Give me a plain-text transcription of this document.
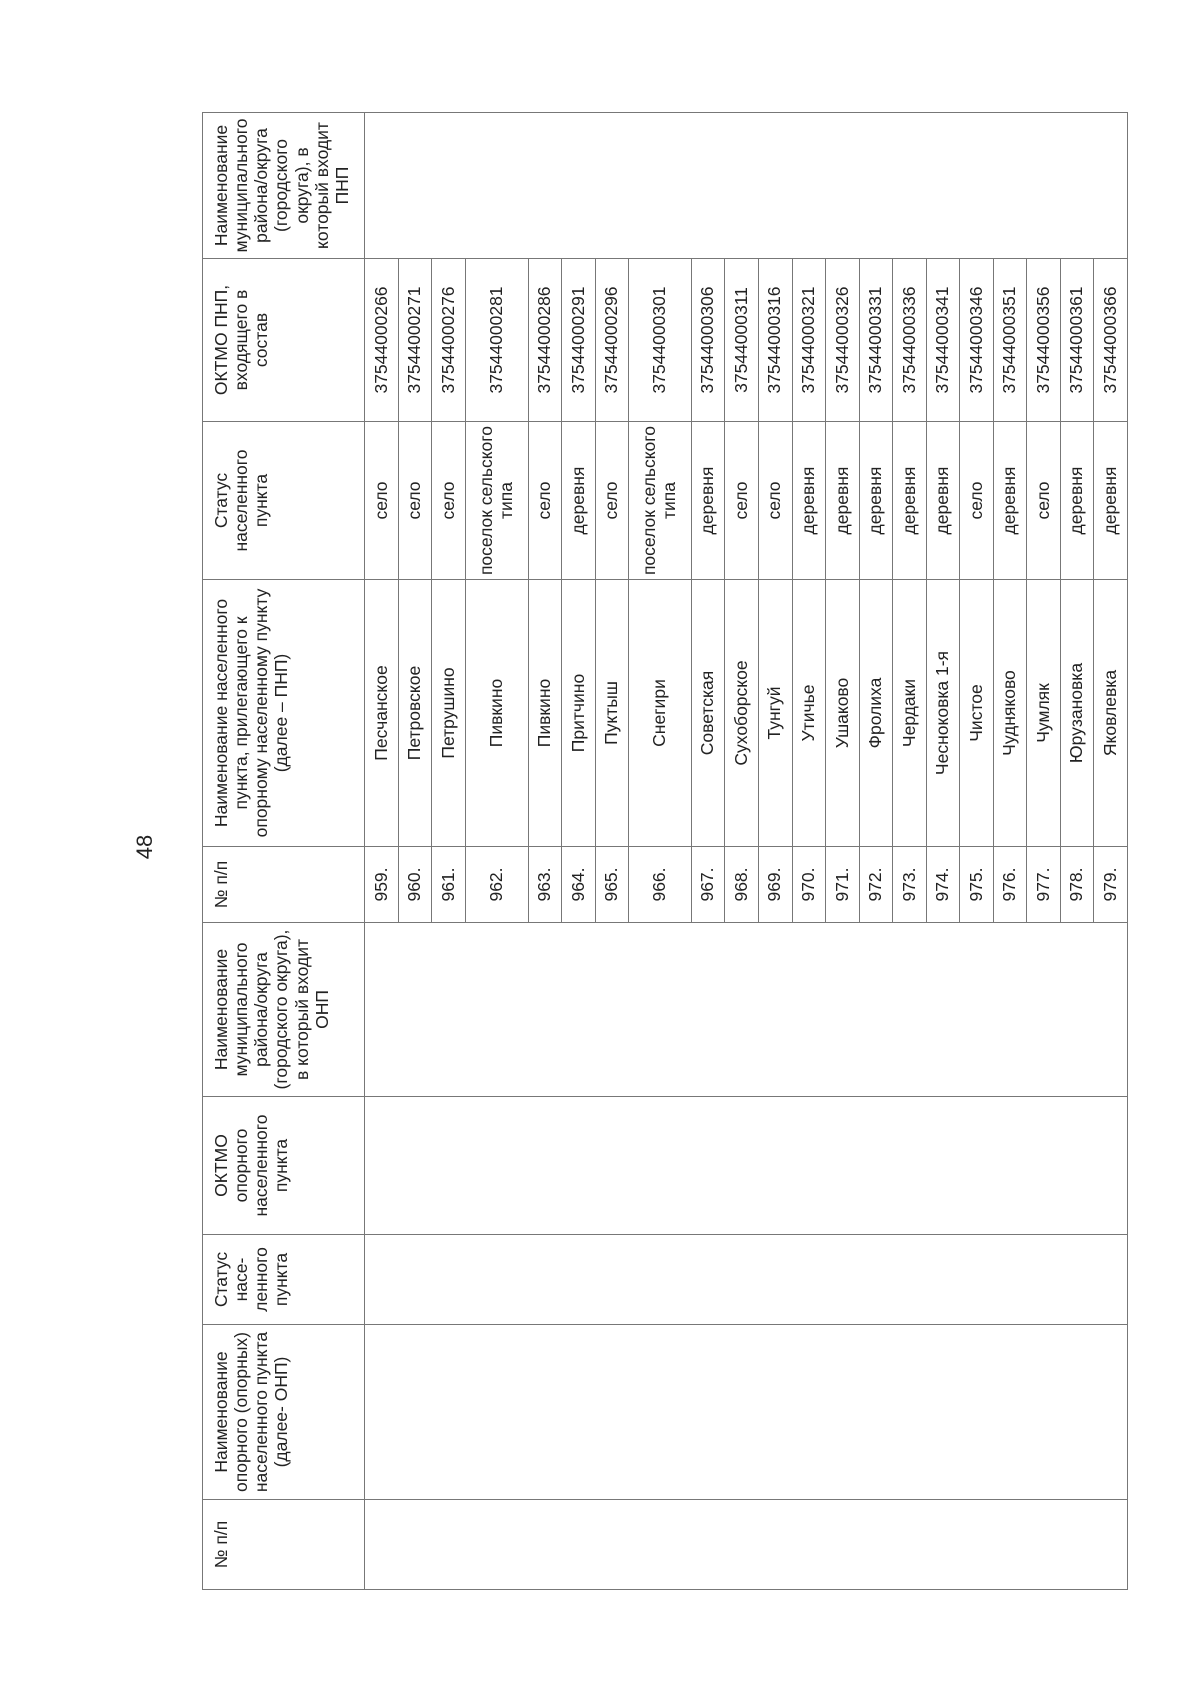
48
№ п/п	Наименование опорного (опорных) населенного пункта (далее- ОНП)	Статус насе-ленного пункта	ОКТМО опорного населенного пункта	Наименование муниципального района/округа (городского округа), в который входит ОНП	№ п/п	Наименование населенного пункта, прилегающего к опорному населенному пункту (далее – ПНП)	Статус населенного пункта	ОКТМО ПНП, входящего в состав	Наименование муниципального района/округа (городского округа), в который входит ПНП
					959.	Песчанское	село	37544000266	
					960.	Петровское	село	37544000271	
					961.	Петрушино	село	37544000276	
					962.	Пивкино	поселок сельского типа	37544000281	
					963.	Пивкино	село	37544000286	
					964.	Притчино	деревня	37544000291	
					965.	Пуктыш	село	37544000296	
					966.	Снегири	поселок сельского типа	37544000301	
					967.	Советская	деревня	37544000306	
					968.	Сухоборское	село	37544000311	
					969.	Тунгуй	село	37544000316	
					970.	Утичье	деревня	37544000321	
					971.	Ушаково	деревня	37544000326	
					972.	Фролиха	деревня	37544000331	
					973.	Чердаки	деревня	37544000336	
					974.	Чесноковка 1-я	деревня	37544000341	
					975.	Чистое	село	37544000346	
					976.	Чудняково	деревня	37544000351	
					977.	Чумляк	село	37544000356	
					978.	Юрузановка	деревня	37544000361	
					979.	Яковлевка	деревня	37544000366	
